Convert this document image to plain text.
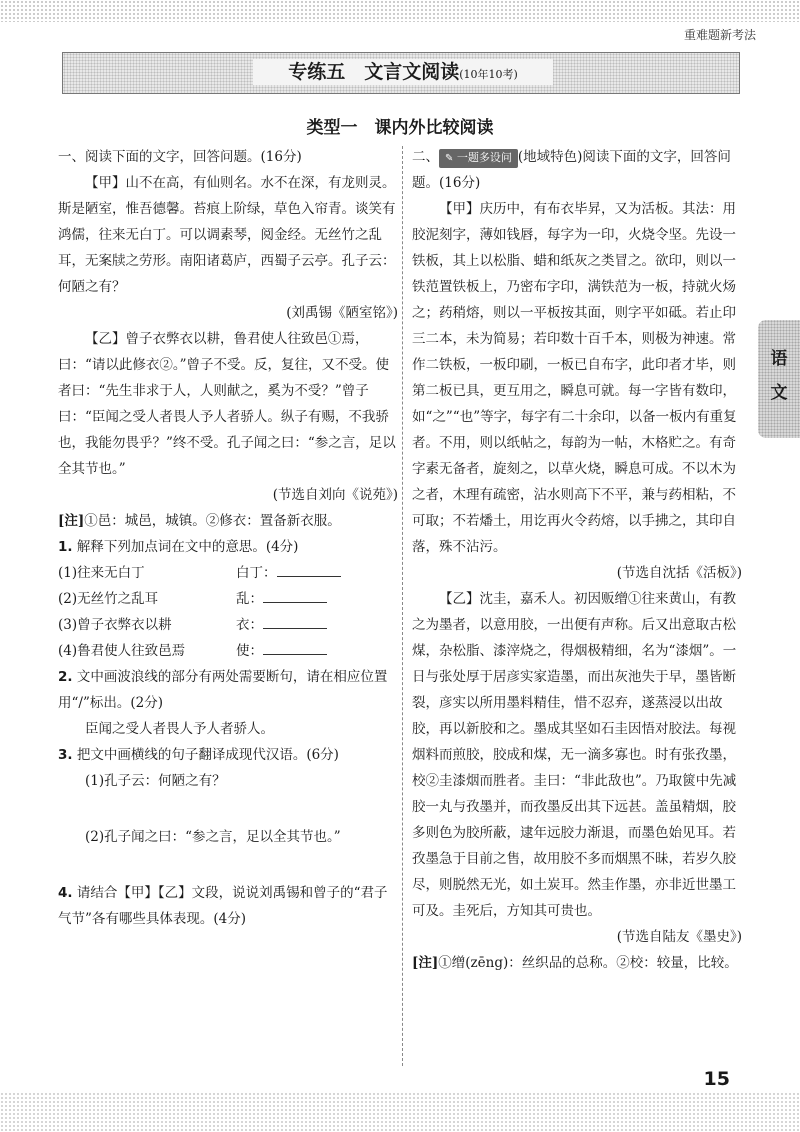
重难题新考法
专练五　文言文阅读(10年10考)
类型一　课内外比较阅读

一、阅读下面的文字，回答问题。(16分)

【甲】山不在高，有仙则名。水不在深，有龙则灵。斯是陋室，惟吾德馨。苔痕上阶绿，草色入帘青。谈笑有鸿儒，往来无白丁。可以调素琴，阅金经。无丝竹之乱耳，无案牍之劳形。南阳诸葛庐，西蜀子云亭。孔子云：何陋之有？

(刘禹锡《陋室铭》)

【乙】曾子衣弊衣以耕，鲁君使人往致邑①焉，曰：“请以此修衣②。”曾子不受。反，复往，又不受。使者曰：“先生非求于人，人则献之，奚为不受？”曾子曰：“臣闻之受人者畏人予人者骄人。纵子有赐，不我骄也，我能勿畏乎？”终不受。孔子闻之曰：“参之言，足以全其节也。”

(节选自刘向《说苑》)

[注]①邑：城邑，城镇。②修衣：置备新衣服。

1. 解释下列加点词在文中的意思。(4分)

(1)往来无白丁	白丁：
(2)无丝竹之乱耳	乱：
(3)曾子衣弊衣以耕	衣：
(4)鲁君使人往致邑焉	使：

2. 文中画波浪线的部分有两处需要断句，请在相应位置用“/”标出。(2分)

臣闻之受人者畏人予人者骄人。

3. 把文中画横线的句子翻译成现代汉语。(6分)

(1)孔子云：何陋之有？

(2)孔子闻之曰：“参之言，足以全其节也。”

4. 请结合【甲】【乙】文段，说说刘禹锡和曾子的“君子气节”各有哪些具体表现。(4分)

二、 ✎ 一题多设问 (地域特色)阅读下面的文字，回答问题。(16分)

【甲】庆历中，有布衣毕昇，又为活板。其法：用胶泥刻字，薄如钱唇，每字为一印，火烧令坚。先设一铁板，其上以松脂、蜡和纸灰之类冒之。欲印，则以一铁范置铁板上，乃密布字印，满铁范为一板，持就火炀之；药稍熔，则以一平板按其面，则字平如砥。若止印三二本，未为简易；若印数十百千本，则极为神速。常作二铁板，一板印刷，一板已自布字，此印者才毕，则第二板已具，更互用之，瞬息可就。每一字皆有数印，如“之”“也”等字，每字有二十余印，以备一板内有重复者。不用，则以纸帖之，每韵为一帖，木格贮之。有奇字素无备者，旋刻之，以草火烧，瞬息可成。不以木为之者，木理有疏密，沾水则高下不平，兼与药相粘，不可取；不若燔土，用讫再火令药熔，以手拂之，其印自落，殊不沾污。

(节选自沈括《活板》)

【乙】沈圭，嘉禾人。初因贩缯①往来黄山，有教之为墨者，以意用胶，一出便有声称。后又出意取古松煤，杂松脂、漆滓烧之，得烟极精细，名为“漆烟”。一日与张处厚于居彦实家造墨，而出灰池失于早，墨皆断裂，彦实以所用墨料精佳，惜不忍弃，遂蒸浸以出故胶，再以新胶和之。墨成其坚如石圭因悟对胶法。每视烟料而煎胶，胶成和煤，无一滴多寡也。时有张孜墨，校②圭漆烟而胜者。圭曰：“非此敌也”。乃取篋中先减胶一丸与孜墨并，而孜墨反出其下远甚。盖虽精烟，胶多则色为胶所蔽，逮年远胶力渐退，而墨色始见耳。若孜墨急于目前之售，故用胶不多而烟黑不昧，若岁久胶尽，则脱然无光，如土炭耳。然圭作墨，亦非近世墨工可及。圭死后，方知其可贵也。

(节选自陆友《墨史》)

[注]①缯(zēng)：丝织品的总称。②校：较量，比较。

语
文
15
